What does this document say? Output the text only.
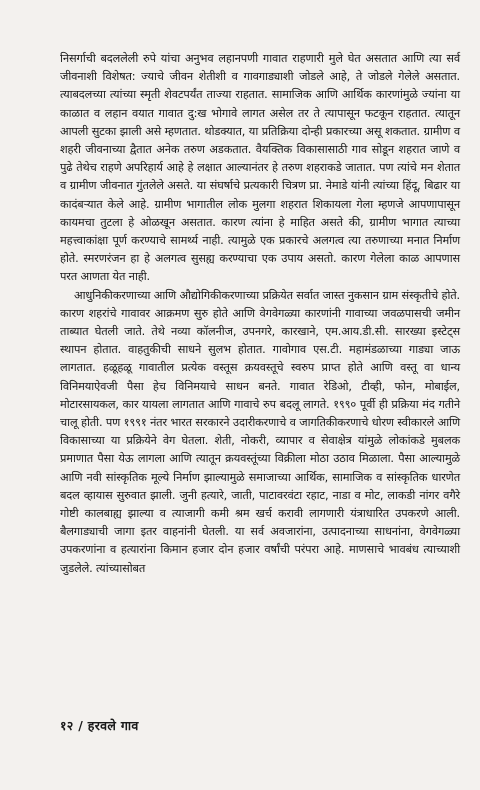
निसर्गाची बदललेली रुपे यांचा अनुभव लहानपणी गावात राहणारी मुले घेत असतात आणि त्या सर्व जीवनाशी विशेषत: ज्याचे जीवन शेतीशी व गावगाड्याशी जोडले आहे, ते जोडले गेलेले असतात. त्याबदलच्या त्यांच्या स्मृती शेवटपर्यंत ताज्या राहतात. सामाजिक आणि आर्थिक कारणांमुळे ज्यांना या काळात व लहान वयात गावात दु:ख भोगावे लागत असेल तर ते त्यापासून फटकून राहतात. त्यातून आपली सुटका झाली असे म्हणतात. थोडक्यात, या प्रतिक्रिया दोन्ही प्रकारच्या असू शकतात. ग्रामीण व शहरी जीवनाच्या द्वैतात अनेक तरुण अडकतात. वैयक्तिक विकासासाठी गाव सोडून शहरात जाणे व पुढे तेथेच राहणे अपरिहार्य आहे हे लक्षात आल्यानंतर हे तरुण शहराकडे जातात. पण त्यांचे मन शेतात व ग्रामीण जीवनात गुंतलेले असते. या संघर्षाचे प्रत्यकारी चित्रण प्रा. नेमाडे यांनी त्यांच्या हिंदू, बिढार या कादंबऱ्यात केले आहे. ग्रामीण भागातील लोक मुलगा शहरात शिकायला गेला म्हणजे आपणापासून कायमचा तुटला हे ओळखून असतात. कारण त्यांना हे माहित असते की, ग्रामीण भागात त्याच्या महत्त्वाकांक्षा पूर्ण करण्याचे सामर्थ्य नाही. त्यामुळे एक प्रकारचे अलगत्व त्या तरुणाच्या मनात निर्माण होते. स्मरणरंजन हा हे अलगत्व सुसह्य करण्याचा एक उपाय असतो. कारण गेलेला काळ आपणास परत आणता येत नाही.

आधुनिकीकरणाच्या आणि औद्योगिकीकरणाच्या प्रक्रियेत सर्वात जास्त नुकसान ग्राम संस्कृतीचे होते. कारण शहरांचे गावावर आक्रमण सुरु होते आणि वेगवेगळ्या कारणांनी गावाच्या जवळपासची जमीन ताब्यात घेतली जाते. तेथे नव्या कॉलनीज, उपनगरे, कारखाने, एम.आय.डी.सी. सारख्या इस्टेट्स स्थापन होतात. वाहतुकीची साधने सुलभ होतात. गावोगाव एस.टी. महामंडळाच्या गाड्या जाऊ लागतात. हळूहळू गावातील प्रत्येक वस्तूस क्रयवस्तूचे स्वरुप प्राप्त होते आणि वस्तू वा धान्य विनिमयाऐवजी पैसा हेच विनिमयाचे साधन बनते. गावात रेडिओ, टीव्ही, फोन, मोबाईल, मोटारसायकल, कार यायला लागतात आणि गावाचे रुप बदलू लागते. १९९० पूर्वी ही प्रक्रिया मंद गतीने चालू होती. पण १९९१ नंतर भारत सरकारने उदारीकरणाचे व जागतिकीकरणाचे धोरण स्वीकारले आणि विकासाच्या या प्रक्रियेने वेग घेतला. शेती, नोकरी, व्यापार व सेवाक्षेत्र यांमुळे लोकांकडे मुबलक प्रमाणात पैसा येऊ लागला आणि त्यातून क्रयवस्तूंच्या विक्रीला मोठा उठाव मिळाला. पैसा आल्यामुळे आणि नवी सांस्कृतिक मूल्ये निर्माण झाल्यामुळे समाजाच्या आर्थिक, सामाजिक व सांस्कृतिक धारणेत बदल व्हायास सुरुवात झाली. जुनी हत्यारे, जाती, पाटावरवंटा रहाट, नाडा व मोट, लाकडी नांगर वगैरे गोष्टी कालबाह्य झाल्या व त्याजागी कमी श्रम खर्च करावी लागणारी यंत्राधारित उपकरणे आली. बैलगाड्याची जागा इतर वाहनांनी घेतली. या सर्व अवजारांना, उत्पादनाच्या साधनांना, वेगवेगळ्या उपकरणांना व हत्यारांना किमान हजार दोन हजार वर्षांची परंपरा आहे. माणसाचे भावबंध त्याच्याशी जुडलेले. त्यांच्यासोबत

१२ / हरवले गाव
